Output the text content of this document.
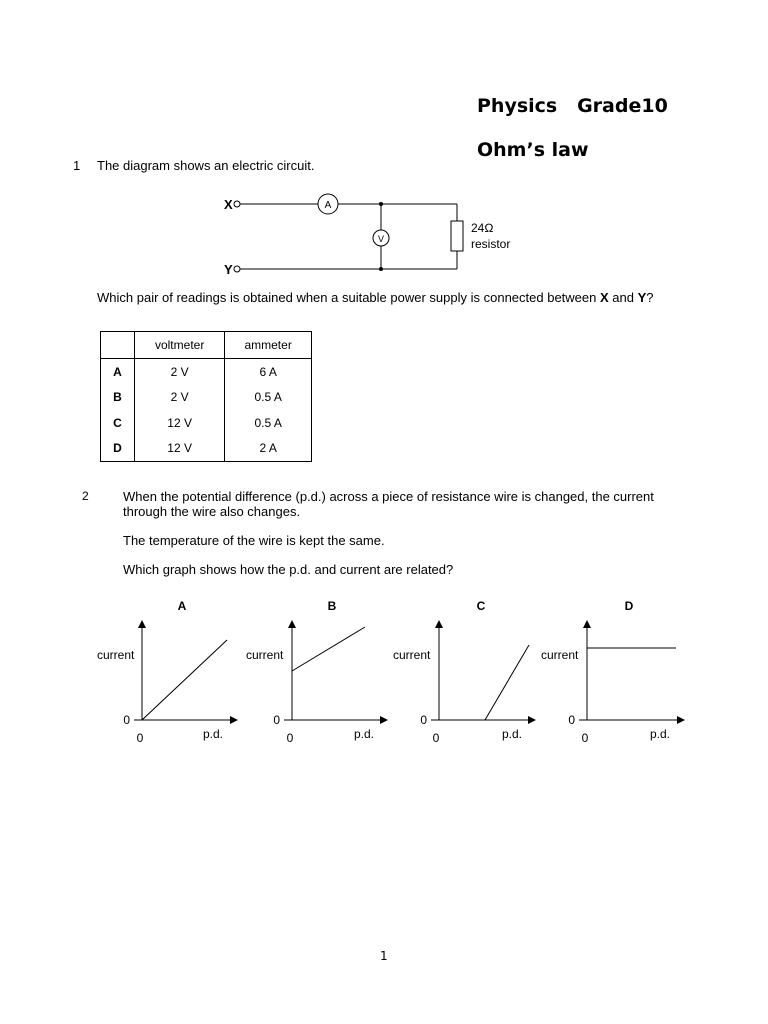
Physics   Grade10
Ohm’s law
1 The diagram shows an electric circuit.
X
Y
A
V
24Ω
resistor
Which pair of readings is obtained when a suitable power supply is connected between X and Y?
	voltmeter	ammeter
A	2 V	6 A
B	2 V	0.5 A
C	12 V	0.5 A
D	12 V	2 A
2	When the potential difference (p.d.) across a piece of resistance wire is changed, the current
through the wire also changes.
The temperature of the wire is kept the same.
Which graph shows how the p.d. and current are related?
A
current
0
0	p.d.
B
current
0
0	p.d.
C
current
0
0	p.d.
D
current
0
0	p.d.
1
